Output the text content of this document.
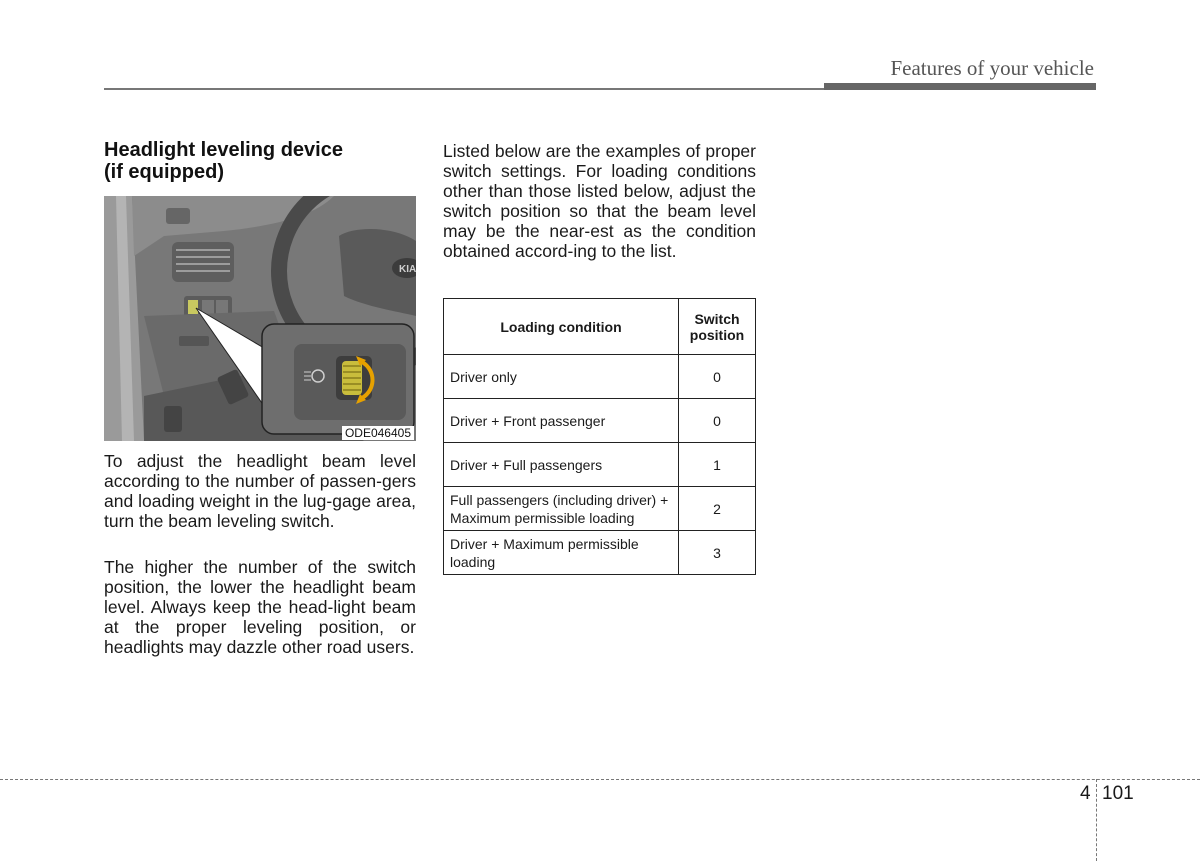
Features of your vehicle
Headlight leveling device
(if equipped)
KIA
ODE046405

To adjust the headlight beam level according to the number of passen-gers and loading weight in the lug-gage area, turn the beam leveling switch.

The higher the number of the switch position, the lower the headlight beam level. Always keep the head-light beam at the proper leveling position, or headlights may dazzle other road users.

Listed below are the examples of proper switch settings. For loading conditions other than those listed below, adjust the switch position so that the beam level may be the near-est as the condition obtained accord-ing to the list.

Loading condition	Switch position
Driver only	0
Driver + Front passenger	0
Driver + Full passengers	1
Full passengers (including driver) + Maximum permissible loading	2
Driver + Maximum permissible loading	3
4 101
